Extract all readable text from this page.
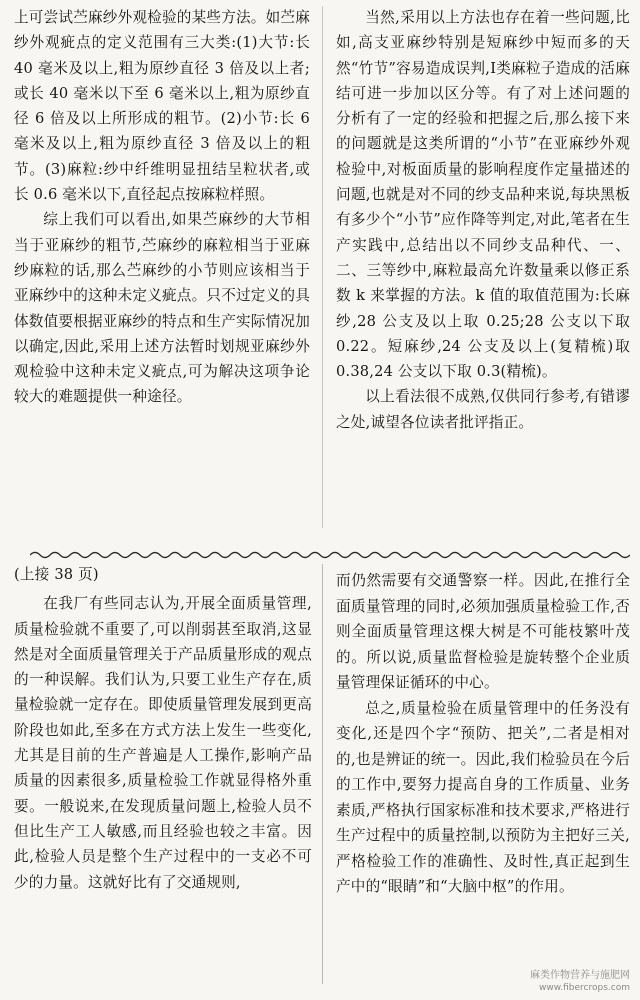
上可尝试苎麻纱外观检验的某些方法。如苎麻纱外观疵点的定义范围有三大类:(1)大节:长 40 毫米及以上,粗为原纱直径 3 倍及以上者;或长 40 毫米以下至 6 毫米以上,粗为原纱直径 6 倍及以上所形成的粗节。(2)小节:长 6 毫米及以上,粗为原纱直径 3 倍及以上的粗节。(3)麻粒:纱中纤维明显扭结呈粒状者,或长 0.6 毫米以下,直径起点按麻粒样照。

综上我们可以看出,如果苎麻纱的大节相当于亚麻纱的粗节,苎麻纱的麻粒相当于亚麻纱麻粒的话,那么苎麻纱的小节则应该相当于亚麻纱中的这种未定义疵点。只不过定义的具体数值要根据亚麻纱的特点和生产实际情况加以确定,因此,采用上述方法暂时划规亚麻纱外观检验中这种未定义疵点,可为解决这项争论较大的难题提供一种途径。

当然,采用以上方法也存在着一些问题,比如,高支亚麻纱特别是短麻纱中短而多的天然“竹节”容易造成误判,Ⅰ类麻粒子造成的活麻结可进一步加以区分等。有了对上述问题的分析有了一定的经验和把握之后,那么接下来的问题就是这类所谓的“小节”在亚麻纱外观检验中,对板面质量的影响程度作定量描述的问题,也就是对不同的纱支品种来说,每块黑板有多少个“小节”应作降等判定,对此,笔者在生产实践中,总结出以不同纱支品种代、一、二、三等纱中,麻粒最高允许数量乘以修正系数 k 来掌握的方法。k 值的取值范围为:长麻纱,28 公支及以上取 0.25;28 公支以下取 0.22。短麻纱,24 公支及以上(复精梳)取 0.38,24 公支以下取 0.3(精梳)。

以上看法很不成熟,仅供同行参考,有错谬之处,诚望各位读者批评指正。

(上接 38 页)

在我厂有些同志认为,开展全面质量管理,质量检验就不重要了,可以削弱甚至取消,这显然是对全面质量管理关于产品质量形成的观点的一种误解。我们认为,只要工业生产存在,质量检验就一定存在。即使质量管理发展到更高阶段也如此,至多在方式方法上发生一些变化,尤其是目前的生产普遍是人工操作,影响产品质量的因素很多,质量检验工作就显得格外重要。一般说来,在发现质量问题上,检验人员不但比生产工人敏感,而且经验也较之丰富。因此,检验人员是整个生产过程中的一支必不可少的力量。这就好比有了交通规则,

而仍然需要有交通警察一样。因此,在推行全面质量管理的同时,必须加强质量检验工作,否则全面质量管理这棵大树是不可能枝繁叶茂的。所以说,质量监督检验是旋转整个企业质量管理保证循环的中心。

总之,质量检验在质量管理中的任务没有变化,还是四个字“预防、把关”,二者是相对的,也是辨证的统一。因此,我们检验员在今后的工作中,要努力提高自身的工作质量、业务素质,严格执行国家标准和技术要求,严格进行生产过程中的质量控制,以预防为主把好三关,严格检验工作的准确性、及时性,真正起到生产中的“眼睛”和“大脑中枢”的作用。

麻类作物营养与施肥网
www.fibercrops.com
